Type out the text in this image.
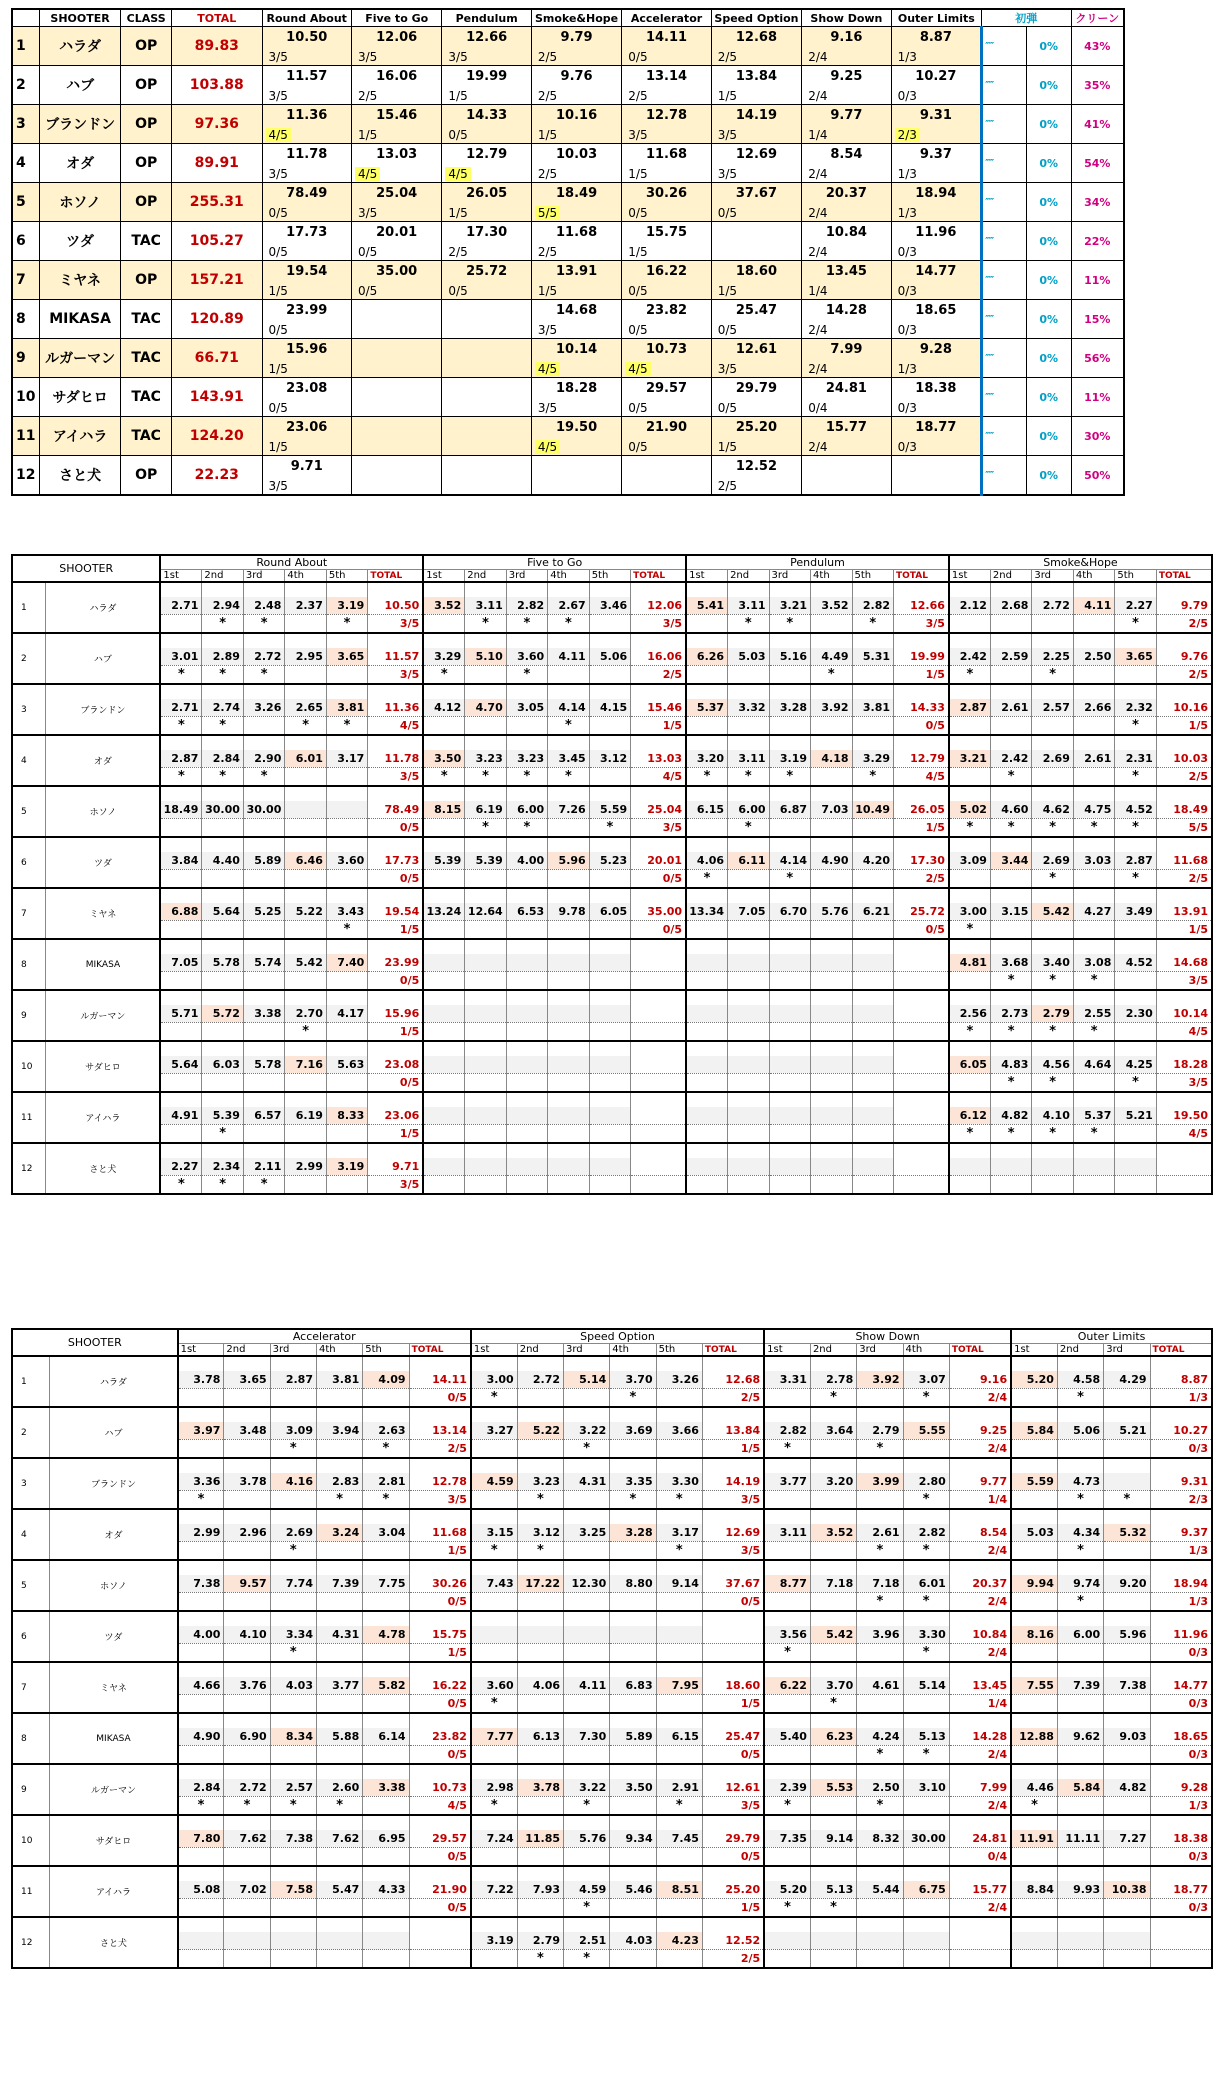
	SHOOTER	CLASS	TOTAL	Round About	Five to Go	Pendulum	Smoke&Hope	Accelerator	Speed Option	Show Down	Outer Limits	初弾		クリーン
1	ハラダ	OP	89.83	10.50	12.06	12.66	9.79	14.11	12.68	9.16	8.87	′′′′′	0%	43%
				3/5	3/5	3/5	2/5	0/5	2/5	2/4	1/3			
2	ハブ	OP	103.88	11.57	16.06	19.99	9.76	13.14	13.84	9.25	10.27	′′′′′	0%	35%
				3/5	2/5	1/5	2/5	2/5	1/5	2/4	0/3			
3	ブランドン	OP	97.36	11.36	15.46	14.33	10.16	12.78	14.19	9.77	9.31	′′′′′	0%	41%
				4/5	1/5	0/5	1/5	3/5	3/5	1/4	2/3			
4	オダ	OP	89.91	11.78	13.03	12.79	10.03	11.68	12.69	8.54	9.37	′′′′′	0%	54%
				3/5	4/5	4/5	2/5	1/5	3/5	2/4	1/3			
5	ホソノ	OP	255.31	78.49	25.04	26.05	18.49	30.26	37.67	20.37	18.94	′′′′′	0%	34%
				0/5	3/5	1/5	5/5	0/5	0/5	2/4	1/3			
6	ツダ	TAC	105.27	17.73	20.01	17.30	11.68	15.75		10.84	11.96	′′′′′	0%	22%
				0/5	0/5	2/5	2/5	1/5		2/4	0/3			
7	ミヤネ	OP	157.21	19.54	35.00	25.72	13.91	16.22	18.60	13.45	14.77	′′′′′	0%	11%
				1/5	0/5	0/5	1/5	0/5	1/5	1/4	0/3			
8	MIKASA	TAC	120.89	23.99			14.68	23.82	25.47	14.28	18.65	′′′′′	0%	15%
				0/5			3/5	0/5	0/5	2/4	0/3			
9	ルガーマン	TAC	66.71	15.96			10.14	10.73	12.61	7.99	9.28	′′′′′	0%	56%
				1/5			4/5	4/5	3/5	2/4	1/3			
10	サダヒロ	TAC	143.91	23.08			18.28	29.57	29.79	24.81	18.38	′′′′′	0%	11%
				0/5			3/5	0/5	0/5	0/4	0/3			
11	アイハラ	TAC	124.20	23.06			19.50	21.90	25.20	15.77	18.77	′′′′′	0%	30%
				1/5			4/5	0/5	1/5	2/4	0/3			
12	さと犬	OP	22.23	9.71					12.52			′′′′′	0%	50%
				3/5					2/5					
SHOOTER		Round About						Five to Go						Pendulum						Smoke&Hope					
		1st	2nd	3rd	4th	5th	TOTAL	1st	2nd	3rd	4th	5th	TOTAL	1st	2nd	3rd	4th	5th	TOTAL	1st	2nd	3rd	4th	5th	TOTAL
1	ハラダ																								
		2.71	2.94	2.48	2.37	3.19	10.50	3.52	3.11	2.82	2.67	3.46	12.06	5.41	3.11	3.21	3.52	2.82	12.66	2.12	2.68	2.72	4.11	2.27	9.79
			*	*		*	3/5		*	*	*		3/5		*	*		*	3/5					*	2/5
2	ハブ																								
		3.01	2.89	2.72	2.95	3.65	11.57	3.29	5.10	3.60	4.11	5.06	16.06	6.26	5.03	5.16	4.49	5.31	19.99	2.42	2.59	2.25	2.50	3.65	9.76
		*	*	*			3/5	*		*			2/5				*		1/5	*		*			2/5
3	ブランドン																								
		2.71	2.74	3.26	2.65	3.81	11.36	4.12	4.70	3.05	4.14	4.15	15.46	5.37	3.32	3.28	3.92	3.81	14.33	2.87	2.61	2.57	2.66	2.32	10.16
		*	*		*	*	4/5				*		1/5						0/5					*	1/5
4	オダ																								
		2.87	2.84	2.90	6.01	3.17	11.78	3.50	3.23	3.23	3.45	3.12	13.03	3.20	3.11	3.19	4.18	3.29	12.79	3.21	2.42	2.69	2.61	2.31	10.03
		*	*	*			3/5	*	*	*	*		4/5	*	*	*		*	4/5		*			*	2/5
5	ホソノ																								
		18.49	30.00	30.00			78.49	8.15	6.19	6.00	7.26	5.59	25.04	6.15	6.00	6.87	7.03	10.49	26.05	5.02	4.60	4.62	4.75	4.52	18.49
							0/5		*	*		*	3/5		*				1/5	*	*	*	*	*	5/5
6	ツダ																								
		3.84	4.40	5.89	6.46	3.60	17.73	5.39	5.39	4.00	5.96	5.23	20.01	4.06	6.11	4.14	4.90	4.20	17.30	3.09	3.44	2.69	3.03	2.87	11.68
							0/5						0/5	*		*			2/5			*		*	2/5
7	ミヤネ																								
		6.88	5.64	5.25	5.22	3.43	19.54	13.24	12.64	6.53	9.78	6.05	35.00	13.34	7.05	6.70	5.76	6.21	25.72	3.00	3.15	5.42	4.27	3.49	13.91
						*	1/5						0/5						0/5	*					1/5
8	MIKASA																								
		7.05	5.78	5.74	5.42	7.40	23.99													4.81	3.68	3.40	3.08	4.52	14.68
							0/5														*	*	*		3/5
9	ルガーマン																								
		5.71	5.72	3.38	2.70	4.17	15.96													2.56	2.73	2.79	2.55	2.30	10.14
					*		1/5													*	*	*	*		4/5
10	サダヒロ																								
		5.64	6.03	5.78	7.16	5.63	23.08													6.05	4.83	4.56	4.64	4.25	18.28
							0/5														*	*		*	3/5
11	アイハラ																								
		4.91	5.39	6.57	6.19	8.33	23.06													6.12	4.82	4.10	5.37	5.21	19.50
			*				1/5													*	*	*	*		4/5
12	さと犬																								
		2.27	2.34	2.11	2.99	3.19	9.71																		
		*	*	*			3/5																		
SHOOTER		Accelerator						Speed Option						Show Down					Outer Limits			
		1st	2nd	3rd	4th	5th	TOTAL	1st	2nd	3rd	4th	5th	TOTAL	1st	2nd	3rd	4th	TOTAL	1st	2nd	3rd	TOTAL
1	ハラダ																					
		3.78	3.65	2.87	3.81	4.09	14.11	3.00	2.72	5.14	3.70	3.26	12.68	3.31	2.78	3.92	3.07	9.16	5.20	4.58	4.29	8.87
							0/5	*			*		2/5		*		*	2/4		*		1/3
2	ハブ																					
		3.97	3.48	3.09	3.94	2.63	13.14	3.27	5.22	3.22	3.69	3.66	13.84	2.82	3.64	2.79	5.55	9.25	5.84	5.06	5.21	10.27
				*		*	2/5			*			1/5	*		*		2/4				0/3
3	ブランドン																					
		3.36	3.78	4.16	2.83	2.81	12.78	4.59	3.23	4.31	3.35	3.30	14.19	3.77	3.20	3.99	2.80	9.77	5.59	4.73		9.31
		*			*	*	3/5		*		*	*	3/5				*	1/4		*	*	2/3
4	オダ																					
		2.99	2.96	2.69	3.24	3.04	11.68	3.15	3.12	3.25	3.28	3.17	12.69	3.11	3.52	2.61	2.82	8.54	5.03	4.34	5.32	9.37
				*			1/5	*	*			*	3/5			*	*	2/4		*		1/3
5	ホソノ																					
		7.38	9.57	7.74	7.39	7.75	30.26	7.43	17.22	12.30	8.80	9.14	37.67	8.77	7.18	7.18	6.01	20.37	9.94	9.74	9.20	18.94
							0/5						0/5			*	*	2/4		*		1/3
6	ツダ																					
		4.00	4.10	3.34	4.31	4.78	15.75							3.56	5.42	3.96	3.30	10.84	8.16	6.00	5.96	11.96
				*			1/5							*			*	2/4				0/3
7	ミヤネ																					
		4.66	3.76	4.03	3.77	5.82	16.22	3.60	4.06	4.11	6.83	7.95	18.60	6.22	3.70	4.61	5.14	13.45	7.55	7.39	7.38	14.77
							0/5	*					1/5		*			1/4				0/3
8	MIKASA																					
		4.90	6.90	8.34	5.88	6.14	23.82	7.77	6.13	7.30	5.89	6.15	25.47	5.40	6.23	4.24	5.13	14.28	12.88	9.62	9.03	18.65
							0/5						0/5			*	*	2/4				0/3
9	ルガーマン																					
		2.84	2.72	2.57	2.60	3.38	10.73	2.98	3.78	3.22	3.50	2.91	12.61	2.39	5.53	2.50	3.10	7.99	4.46	5.84	4.82	9.28
		*	*	*	*		4/5	*		*		*	3/5	*		*		2/4	*			1/3
10	サダヒロ																					
		7.80	7.62	7.38	7.62	6.95	29.57	7.24	11.85	5.76	9.34	7.45	29.79	7.35	9.14	8.32	30.00	24.81	11.91	11.11	7.27	18.38
							0/5						0/5					0/4				0/3
11	アイハラ																					
		5.08	7.02	7.58	5.47	4.33	21.90	7.22	7.93	4.59	5.46	8.51	25.20	5.20	5.13	5.44	6.75	15.77	8.84	9.93	10.38	18.77
							0/5			*			1/5	*	*			2/4				0/3
12	さと犬																					
								3.19	2.79	2.51	4.03	4.23	12.52									
									*	*			2/5									
